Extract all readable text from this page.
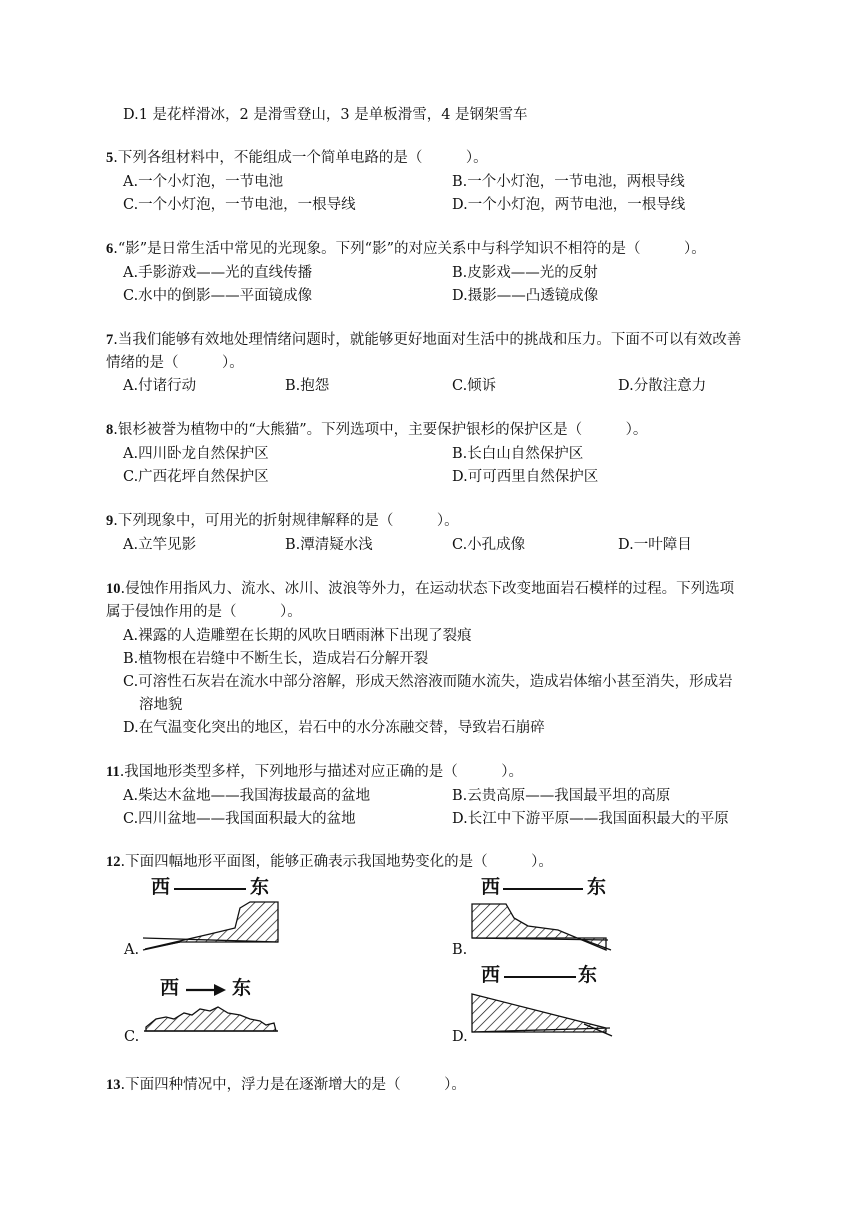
D.1 是花样滑冰，2 是滑雪登山，3 是单板滑雪，4 是钢架雪车
5.下列各组材料中，不能组成一个简单电路的是（　　　）。
A.一个小灯泡，一节电池	B.一个小灯泡，一节电池，两根导线
C.一个小灯泡，一节电池，一根导线	D.一个小灯泡，两节电池，一根导线
6.“影”是日常生活中常见的光现象。下列“影”的对应关系中与科学知识不相符的是（　　　）。
A.手影游戏——光的直线传播	B.皮影戏——光的反射
C.水中的倒影——平面镜成像	D.摄影——凸透镜成像
7.当我们能够有效地处理情绪问题时，就能够更好地面对生活中的挑战和压力。下面不可以有效改善
情绪的是（　　　）。
A.付诸行动	B.抱怨	C.倾诉	D.分散注意力
8.银杉被誉为植物中的“大熊猫”。下列选项中，主要保护银杉的保护区是（　　　）。
A.四川卧龙自然保护区	B.长白山自然保护区
C.广西花坪自然保护区	D.可可西里自然保护区
9.下列现象中，可用光的折射规律解释的是（　　　）。
A.立竿见影	B.潭清疑水浅	C.小孔成像	D.一叶障目
10.侵蚀作用指风力、流水、冰川、波浪等外力，在运动状态下改变地面岩石模样的过程。下列选项
属于侵蚀作用的是（　　　）。
A.裸露的人造雕塑在长期的风吹日晒雨淋下出现了裂痕
B.植物根在岩缝中不断生长，造成岩石分解开裂
C.可溶性石灰岩在流水中部分溶解，形成天然溶液而随水流失，造成岩体缩小甚至消失，形成岩
溶地貌
D.在气温变化突出的地区，岩石中的水分冻融交替，导致岩石崩碎
11.我国地形类型多样，下列地形与描述对应正确的是（　　　）。
A.柴达木盆地——我国海拔最高的盆地	B.云贵高原——我国最平坦的高原
C.四川盆地——我国面积最大的盆地	D.长江中下游平原——我国面积最大的平原
12.下面四幅地形平面图，能够正确表示我国地势变化的是（　　　）。
西	东
A.
西	东
B.
西	东
C.
西	东
D.
13.下面四种情况中，浮力是在逐渐增大的是（　　　）。
